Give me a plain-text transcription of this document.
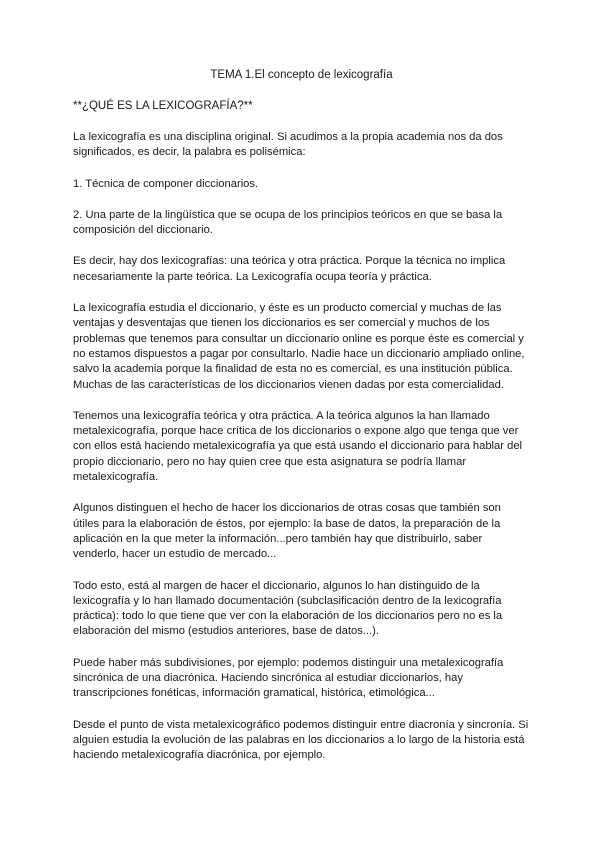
TEMA 1.El concepto de lexicografía
**¿QUÉ ES LA LEXICOGRAFÍA?**

La lexicografía es una disciplina original. Si acudimos a la propia academia nos da dos significados, es decir, la palabra es polisémica:

1. Técnica de componer diccionarios.

2. Una parte de la lingüística que se ocupa de los principios teóricos en que se basa la composición del diccionario.

Es decir, hay dos lexicografías: una teórica y otra práctica. Porque la técnica no implica necesariamente la parte teórica. La Lexicografía ocupa teoría y práctica.

La lexicografía estudia el diccionario, y éste es un producto comercial y muchas de las ventajas y desventajas que tienen los diccionarios es ser comercial y muchos de los problemas que tenemos para consultar un diccionario online es porque éste es comercial y no estamos dispuestos a pagar por consultarlo. Nadie hace un diccionario ampliado online, salvo la academia porque la finalidad de esta no es comercial, es una institución pública. Muchas de las características de los diccionarios vienen dadas por esta comercialidad.

Tenemos una lexicografía teórica y otra práctica. A la teórica algunos la han llamado metalexicografía, porque hace crítica de los diccionarios o expone algo que tenga que ver con ellos está haciendo metalexicografía ya que está usando el diccionario para hablar del propio diccionario, pero no hay quien cree que esta asignatura se podría llamar metalexicografía.

Algunos distinguen el hecho de hacer los diccionarios de otras cosas que también son útiles para la elaboración de éstos, por ejemplo: la base de datos, la preparación de la aplicación en la que meter la información...pero también hay que distribuirlo, saber venderlo, hacer un estudio de mercado...

Todo esto, está al margen de hacer el diccionario, algunos lo han distinguido de la lexicografía y lo han llamado documentación (subclasificación dentro de la lexicografía práctica): todo lo que tiene que ver con la elaboración de los diccionarios pero no es la elaboración del mismo (estudios anteriores, base de datos...).

Puede haber más subdivisiones, por ejemplo: podemos distinguir una metalexicografía sincrónica de una diacrónica. Haciendo sincrónica al estudiar diccionarios, hay transcripciones fonéticas, información gramatical, histórica, etimológica...

Desde el punto de vista metalexicográfico podemos distinguir entre diacronía y sincronía. Si alguien estudia la evolución de las palabras en los diccionarios a lo largo de la historia está haciendo metalexicografía diacrónica, por ejemplo.
